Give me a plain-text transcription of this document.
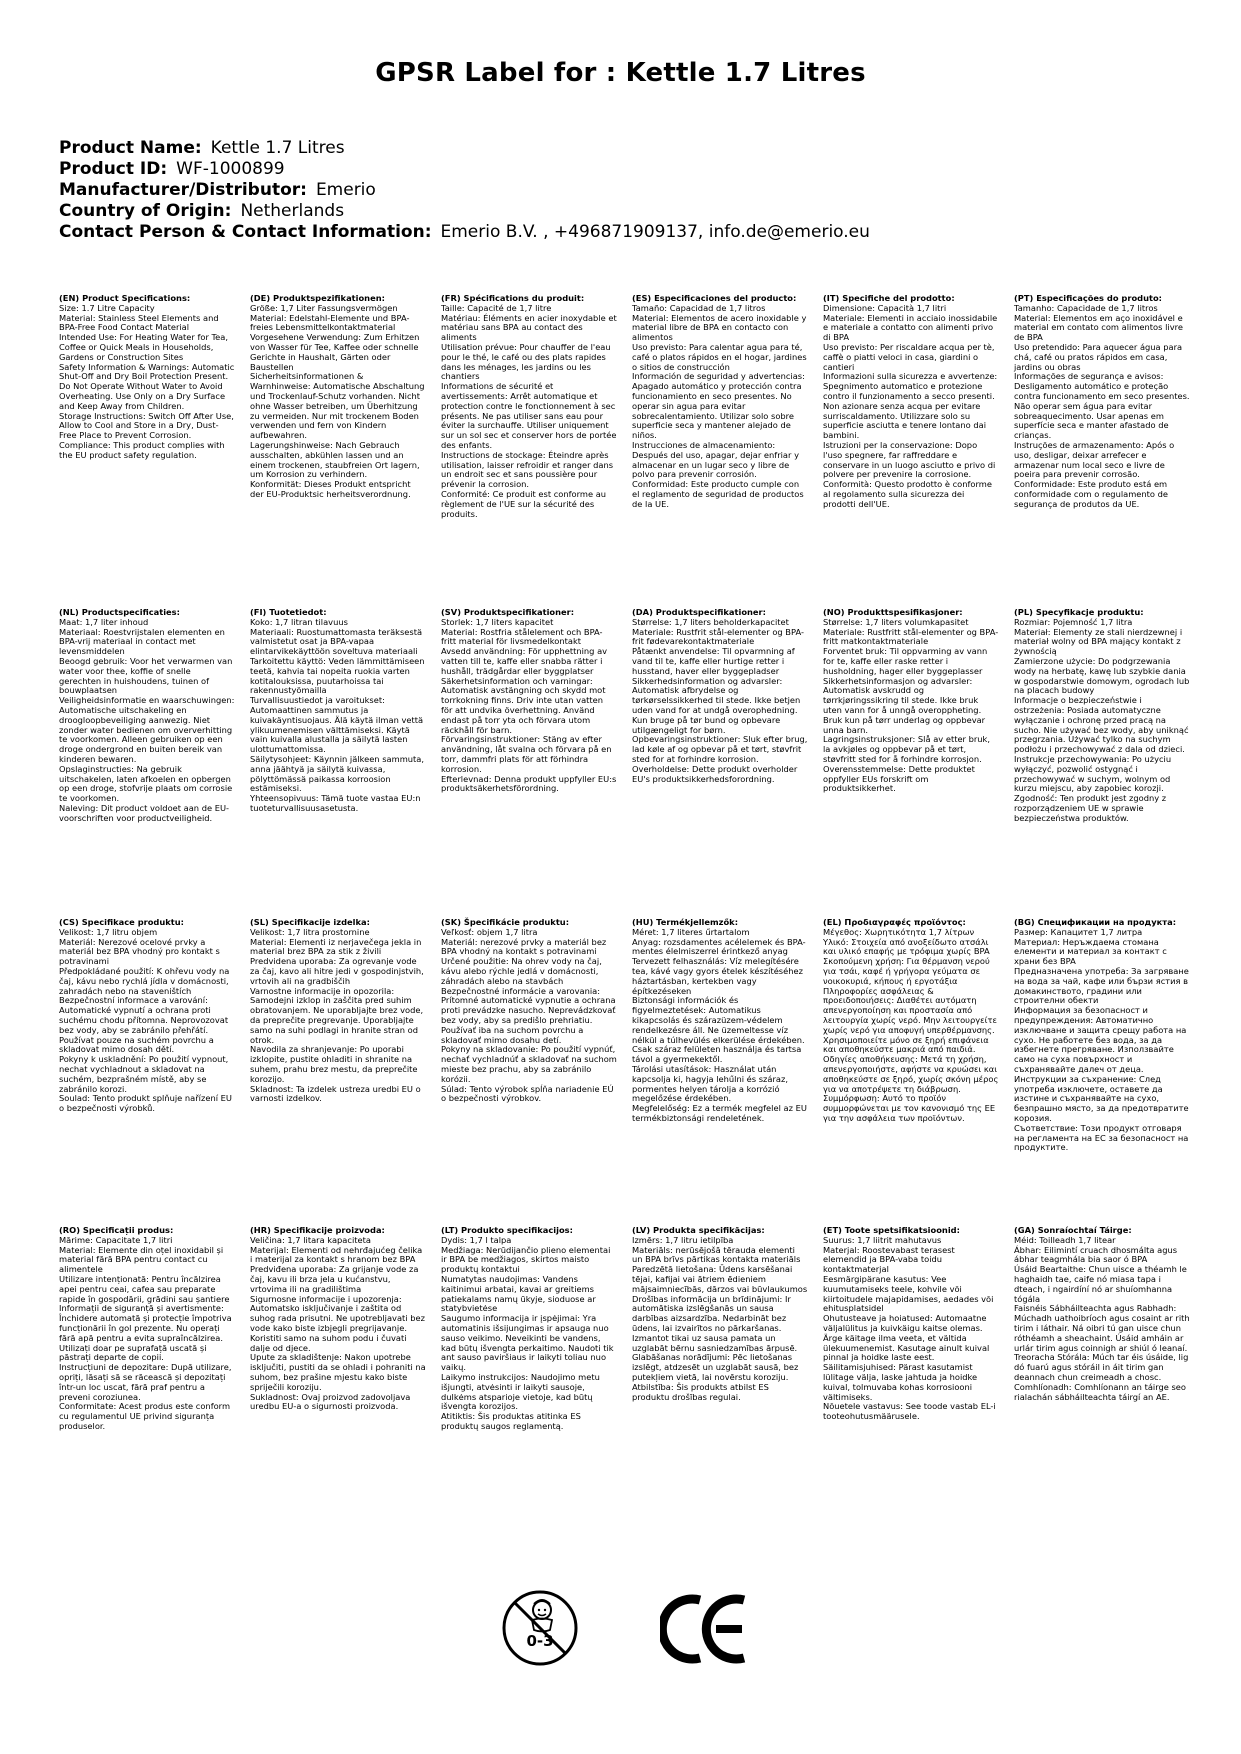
GPSR Label for : Kettle 1.7 Litres
Product Name: Kettle 1.7 Litres
Product ID: WF-1000899
Manufacturer/Distributor: Emerio
Country of Origin: Netherlands
Contact Person & Contact Information: Emerio B.V. , +496871909137, info.de@emerio.eu
(EN) Product Specifications:
Size: 1.7 Litre Capacity
Material: Stainless Steel Elements and BPA-Free Food Contact Material
Intended Use: For Heating Water for Tea, Coffee or Quick Meals in Households, Gardens or Construction Sites
Safety Information & Warnings: Automatic Shut-Off and Dry Boil Protection Present. Do Not Operate Without Water to Avoid Overheating. Use Only on a Dry Surface and Keep Away from Children.
Storage Instructions: Switch Off After Use, Allow to Cool and Store in a Dry, Dust-Free Place to Prevent Corrosion.
Compliance: This product complies with the EU product safety regulation.
(DE) Produktspezifikationen:
Größe: 1,7 Liter Fassungsvermögen
Material: Edelstahl-Elemente und BPA-freies Lebensmittelkontaktmaterial
Vorgesehene Verwendung: Zum Erhitzen von Wasser für Tee, Kaffee oder schnelle Gerichte in Haushalt, Gärten oder Baustellen
Sicherheitsinformationen & Warnhinweise: Automatische Abschaltung und Trockenlauf-Schutz vorhanden. Nicht ohne Wasser betreiben, um Überhitzung zu vermeiden. Nur mit trockenem Boden verwenden und fern von Kindern aufbewahren.
Lagerungshinweise: Nach Gebrauch ausschalten, abkühlen lassen und an einem trockenen, staubfreien Ort lagern, um Korrosion zu verhindern.
Konformität: Dieses Produkt entspricht der EU-Produktsic herheitsverordnung.
(FR) Spécifications du produit:
Taille: Capacité de 1,7 litre
Matériau: Éléments en acier inoxydable et matériau sans BPA au contact des aliments
Utilisation prévue: Pour chauffer de l'eau pour le thé, le café ou des plats rapides dans les ménages, les jardins ou les chantiers
Informations de sécurité et avertissements: Arrêt automatique et protection contre le fonctionnement à sec présents. Ne pas utiliser sans eau pour éviter la surchauffe. Utiliser uniquement sur un sol sec et conserver hors de portée des enfants.
Instructions de stockage: Éteindre après utilisation, laisser refroidir et ranger dans un endroit sec et sans poussière pour prévenir la corrosion.
Conformité: Ce produit est conforme au règlement de l'UE sur la sécurité des produits.
(ES) Especificaciones del producto:
Tamaño: Capacidad de 1,7 litros
Material: Elementos de acero inoxidable y material libre de BPA en contacto con alimentos
Uso previsto: Para calentar agua para té, café o platos rápidos en el hogar, jardines o sitios de construcción
Información de seguridad y advertencias: Apagado automático y protección contra funcionamiento en seco presentes. No operar sin agua para evitar sobrecalentamiento. Utilizar solo sobre superficie seca y mantener alejado de niños.
Instrucciones de almacenamiento: Después del uso, apagar, dejar enfriar y almacenar en un lugar seco y libre de polvo para prevenir corrosión.
Conformidad: Este producto cumple con el reglamento de seguridad de productos de la UE.
(IT) Specifiche del prodotto:
Dimensione: Capacità 1,7 litri
Materiale: Elementi in acciaio inossidabile e materiale a contatto con alimenti privo di BPA
Uso previsto: Per riscaldare acqua per tè, caffè o piatti veloci in casa, giardini o cantieri
Informazioni sulla sicurezza e avvertenze: Spegnimento automatico e protezione contro il funzionamento a secco presenti. Non azionare senza acqua per evitare surriscaldamento. Utilizzare solo su superficie asciutta e tenere lontano dai bambini.
Istruzioni per la conservazione: Dopo l'uso spegnere, far raffreddare e conservare in un luogo asciutto e privo di polvere per prevenire la corrosione.
Conformità: Questo prodotto è conforme al regolamento sulla sicurezza dei prodotti dell'UE.
(PT) Especificações do produto:
Tamanho: Capacidade de 1,7 litros
Material: Elementos em aço inoxidável e material em contato com alimentos livre de BPA
Uso pretendido: Para aquecer água para chá, café ou pratos rápidos em casa, jardins ou obras
Informações de segurança e avisos: Desligamento automático e proteção contra funcionamento em seco presentes. Não operar sem água para evitar sobreaquecimento. Usar apenas em superfície seca e manter afastado de crianças.
Instruções de armazenamento: Após o uso, desligar, deixar arrefecer e armazenar num local seco e livre de poeira para prevenir corrosão.
Conformidade: Este produto está em conformidade com o regulamento de segurança de produtos da UE.
(NL) Productspecificaties:
Maat: 1,7 liter inhoud
Materiaal: Roestvrijstalen elementen en BPA-vrij materiaal in contact met levensmiddelen
Beoogd gebruik: Voor het verwarmen van water voor thee, koffie of snelle gerechten in huishoudens, tuinen of bouwplaatsen
Veiligheidsinformatie en waarschuwingen: Automatische uitschakeling en droogloopbeveiliging aanwezig. Niet zonder water bedienen om oververhitting te voorkomen. Alleen gebruiken op een droge ondergrond en buiten bereik van kinderen bewaren.
Opslaginstructies: Na gebruik uitschakelen, laten afkoelen en opbergen op een droge, stofvrije plaats om corrosie te voorkomen.
Naleving: Dit product voldoet aan de EU-voorschriften voor productveiligheid.
(FI) Tuotetiedot:
Koko: 1,7 litran tilavuus
Materiaali: Ruostumattomasta teräksestä valmistetut osat ja BPA-vapaa elintarvikekäyttöön soveltuva materiaali
Tarkoitettu käyttö: Veden lämmittämiseen teetä, kahvia tai nopeita ruokia varten kotitalouksissa, puutarhoissa tai rakennustyömailla
Turvallisuustiedot ja varoitukset: Automaattinen sammutus ja kuivakäyntisuojaus. Älä käytä ilman vettä ylikuumenemisen välttämiseksi. Käytä vain kuivalla alustalla ja säilytä lasten ulottumattomissa.
Säilytysohjeet: Käynnin jälkeen sammuta, anna jäähtyä ja säilytä kuivassa, pölyttömässä paikassa korroosion estämiseksi.
Yhteensopivuus: Tämä tuote vastaa EU:n tuoteturvallisuusasetusta.
(SV) Produktspecifikationer:
Storlek: 1,7 liters kapacitet
Material: Rostfria stålelement och BPA-fritt material för livsmedelkontakt
Avsedd användning: För upphettning av vatten till te, kaffe eller snabba rätter i hushåll, trädgårdar eller byggplatser
Säkerhetsinformation och varningar: Automatisk avstängning och skydd mot torrkokning finns. Driv inte utan vatten för att undvika överhettning. Använd endast på torr yta och förvara utom räckhåll för barn.
Förvaringsinstruktioner: Stäng av efter användning, låt svalna och förvara på en torr, dammfri plats för att förhindra korrosion.
Efterlevnad: Denna produkt uppfyller EU:s produktsäkerhetsförordning.
(DA) Produktspecifikationer:
Størrelse: 1,7 liters beholderkapacitet
Materiale: Rustfrit stål-elementer og BPA-frit fødevarekontaktmateriale
Påtænkt anvendelse: Til opvarmning af vand til te, kaffe eller hurtige retter i husstand, haver eller byggepladser
Sikkerhedsinformation og advarsler: Automatisk afbrydelse og tørkørselssikkerhed til stede. Ikke betjen uden vand for at undgå overophedning. Kun bruge på tør bund og opbevare utilgængeligt for børn.
Opbevaringsinstruktioner: Sluk efter brug, lad køle af og opbevar på et tørt, støvfrit sted for at forhindre korrosion.
Overholdelse: Dette produkt overholder EU's produktsikkerhedsforordning.
(NO) Produkttspesifikasjoner:
Størrelse: 1,7 liters volumkapasitet
Materiale: Rustfritt stål-elementer og BPA-fritt matkontaktmateriale
Forventet bruk: Til oppvarming av vann for te, kaffe eller raske retter i husholdning, hager eller byggeplasser
Sikkerhetsinformasjon og advarsler: Automatisk avskrudd og tørrkjøringssikring til stede. Ikke bruk uten vann for å unngå overoppheting. Bruk kun på tørr underlag og oppbevar unna barn.
Lagringsinstruksjoner: Slå av etter bruk, la avkjøles og oppbevar på et tørt, støvfritt sted for å forhindre korrosjon.
Overensstemmelse: Dette produktet oppfyller EUs forskrift om produktsikkerhet.
(PL) Specyfikacje produktu:
Rozmiar: Pojemność 1,7 litra
Materiał: Elementy ze stali nierdzewnej i materiał wolny od BPA mający kontakt z żywnością
Zamierzone użycie: Do podgrzewania wody na herbatę, kawę lub szybkie dania w gospodarstwie domowym, ogrodach lub na placach budowy
Informacje o bezpieczeństwie i ostrzeżenia: Posiada automatyczne wyłączanie i ochronę przed pracą na sucho. Nie używać bez wody, aby uniknąć przegrzania. Używać tylko na suchym podłożu i przechowywać z dala od dzieci.
Instrukcje przechowywania: Po użyciu wyłączyć, pozwolić ostygnąć i przechowywać w suchym, wolnym od kurzu miejscu, aby zapobiec korozji.
Zgodność: Ten produkt jest zgodny z rozporządzeniem UE w sprawie bezpieczeństwa produktów.
(CS) Specifikace produktu:
Velikost: 1,7 litru objem
Materiál: Nerezové ocelové prvky a materiál bez BPA vhodný pro kontakt s potravinami
Předpokládané použití: K ohřevu vody na čaj, kávu nebo rychlá jídla v domácnosti, zahradách nebo na staveništích
Bezpečnostní informace a varování: Automatické vypnutí a ochrana proti suchému chodu přítomna. Neprovozovat bez vody, aby se zabránilo přehřátí. Používat pouze na suchém povrchu a skladovat mimo dosah dětí.
Pokyny k uskladnění: Po použití vypnout, nechat vychladnout a skladovat na suchém, bezprašném místě, aby se zabránilo korozi.
Soulad: Tento produkt splňuje nařízení EU o bezpečnosti výrobků.
(SL) Specifikacije izdelka:
Velikost: 1,7 litra prostornine
Material: Elementi iz nerjavečega jekla in material brez BPA za stik z živili
Predvidena uporaba: Za ogrevanje vode za čaj, kavo ali hitre jedi v gospodinjstvih, vrtovih ali na gradbiščih
Varnostne informacije in opozorila: Samodejni izklop in zaščita pred suhim obratovanjem. Ne uporabljajte brez vode, da preprečite pregrevanje. Uporabljajte samo na suhi podlagi in hranite stran od otrok.
Navodila za shranjevanje: Po uporabi izklopite, pustite ohladiti in shranite na suhem, prahu brez mestu, da preprečite korozijo.
Skladnost: Ta izdelek ustreza uredbi EU o varnosti izdelkov.
(SK) Špecifikácie produktu:
Veľkosť: objem 1,7 litra
Materiál: nerezové prvky a materiál bez BPA vhodný na kontakt s potravinami
Určené použitie: Na ohrev vody na čaj, kávu alebo rýchle jedlá v domácnosti, záhradách alebo na stavbách
Bezpečnostné informácie a varovania: Prítomné automatické vypnutie a ochrana proti prevádzke nasucho. Neprevádzkovať bez vody, aby sa predišlo prehriatiu. Používať iba na suchom povrchu a skladovať mimo dosahu detí.
Pokyny na skladovanie: Po použití vypnúť, nechať vychladnúť a skladovať na suchom mieste bez prachu, aby sa zabránilo korózii.
Súlad: Tento výrobok spĺňa nariadenie EÚ o bezpečnosti výrobkov.
(HU) Termékjellemzők:
Méret: 1,7 literes űrtartalom
Anyag: rozsdamentes acélelemek és BPA-mentes élelmiszerrel érintkező anyag
Tervezett felhasználás: Víz melegítésére tea, kávé vagy gyors ételek készítéséhez háztartásban, kertekben vagy építkezéseken
Biztonsági információk és figyelmeztetések: Automatikus kikapcsolás és szárazüzem-védelem rendelkezésre áll. Ne üzemeltesse víz nélkül a túlhevülés elkerülése érdekében. Csak száraz felületen használja és tartsa távol a gyermekektől.
Tárolási utasítások: Használat után kapcsolja ki, hagyja lehűlni és száraz, pormentes helyen tárolja a korrózió megelőzése érdekében.
Megfelelőség: Ez a termék megfelel az EU termékbiztonsági rendeletének.
(EL) Προδιαγραφές προϊόντος:
Μέγεθος: Χωρητικότητα 1,7 λίτρων
Υλικό: Στοιχεία από ανοξείδωτο ατσάλι και υλικό επαφής με τρόφιμα χωρίς BPA
Σκοπούμενη χρήση: Για θέρμανση νερού για τσάι, καφέ ή γρήγορα γεύματα σε νοικοκυριά, κήπους ή εργοτάξια
Πληροφορίες ασφάλειας & προειδοποιήσεις: Διαθέτει αυτόματη απενεργοποίηση και προστασία από λειτουργία χωρίς νερό. Μην λειτουργείτε χωρίς νερό για αποφυγή υπερθέρμανσης. Χρησιμοποιείτε μόνο σε ξηρή επιφάνεια και αποθηκεύστε μακριά από παιδιά.
Οδηγίες αποθήκευσης: Μετά τη χρήση, απενεργοποιήστε, αφήστε να κρυώσει και αποθηκεύστε σε ξηρό, χωρίς σκόνη μέρος για να αποτρέψετε τη διάβρωση.
Συμμόρφωση: Αυτό το προϊόν συμμορφώνεται με τον κανονισμό της ΕΕ για την ασφάλεια των προϊόντων.
(BG) Спецификации на продукта:
Размер: Капацитет 1,7 литра
Материал: Неръждаема стомана елементи и материал за контакт с храни без BPA
Предназначена употреба: За загряване на вода за чай, кафе или бързи ястия в домакинството, градини или строителни обекти
Информация за безопасност и предупреждения: Автоматично изключване и защита срещу работа на сухо. Не работете без вода, за да избегнете прегряване. Използвайте само на суха повърхност и съхранявайте далеч от деца.
Инструкции за съхранение: След употреба изключете, оставете да изстине и съхранявайте на сухо, безпрашно място, за да предотвратите корозия.
Съответствие: Този продукт отговаря на регламента на ЕС за безопасност на продуктите.
(RO) Specificații produs:
Mărime: Capacitate 1,7 litri
Material: Elemente din oțel inoxidabil și material fără BPA pentru contact cu alimentele
Utilizare intenționată: Pentru încălzirea apei pentru ceai, cafea sau preparate rapide în gospodării, grădini sau șantiere
Informații de siguranță și avertismente: Închidere automată și protecție împotriva funcționării în gol prezente. Nu operați fără apă pentru a evita supraîncălzirea. Utilizați doar pe suprafață uscată și păstrați departe de copii.
Instrucțiuni de depozitare: După utilizare, opriți, lăsați să se răcească și depozitați într-un loc uscat, fără praf pentru a preveni coroziunea.
Conformitate: Acest produs este conform cu regulamentul UE privind siguranța produselor.
(HR) Specifikacije proizvoda:
Veličina: 1,7 litara kapaciteta
Materijal: Elementi od nehrđajućeg čelika i materijal za kontakt s hranom bez BPA
Predviđena uporaba: Za grijanje vode za čaj, kavu ili brza jela u kućanstvu, vrtovima ili na gradilištima
Sigurnosne informacije i upozorenja: Automatsko isključivanje i zaštita od suhog rada prisutni. Ne upotrebljavati bez vode kako biste izbjegli pregrijavanje. Koristiti samo na suhom podu i čuvati dalje od djece.
Upute za skladištenje: Nakon upotrebe isključiti, pustiti da se ohladi i pohraniti na suhom, bez prašine mjestu kako biste spriječili koroziju.
Sukladnost: Ovaj proizvod zadovoljava uredbu EU-a o sigurnosti proizvoda.
(LT) Produkto specifikacijos:
Dydis: 1,7 l talpa
Medžiaga: Nerūdijančio plieno elementai ir BPA be medžiagos, skirtos maisto produktų kontaktui
Numatytas naudojimas: Vandens kaitinimui arbatai, kavai ar greitiems patiekalams namų ūkyje, sioduose ar statybvietėse
Saugumo informacija ir įspėjimai: Yra automatinis išsijungimas ir apsauga nuo sauso veikimo. Neveikinti be vandens, kad būtų išvengta perkaitimo. Naudoti tik ant sauso paviršiaus ir laikyti toliau nuo vaikų.
Laikymo instrukcijos: Naudojimo metu išjungti, atvėsinti ir laikyti sausoje, dulkėms atsparioje vietoje, kad būtų išvengta korozijos.
Atitiktis: Šis produktas atitinka ES produktų saugos reglamentą.
(LV) Produkta specifikācijas:
Izmērs: 1,7 litru ietilpība
Materiāls: nerūsējošā tērauda elementi un BPA brīvs pārtikas kontakta materiāls
Paredzētā lietošana: Ūdens karsēšanai tējai, kafijai vai ātriem ēdieniem mājsaimniecībās, dārzos vai būvlaukumos
Drošības informācija un brīdinājumi: Ir automātiska izslēgšanās un sausa darbības aizsardzība. Nedarbināt bez ūdens, lai izvairītos no pārkaršanas. Izmantot tikai uz sausa pamata un uzglabāt bērnu sasniedzamības ārpusē.
Glabāšanas norādījumi: Pēc lietošanas izslēgt, atdzesēt un uzglabāt sausā, bez putekļiem vietā, lai novērstu koroziju.
Atbilstība: Šis produkts atbilst ES produktu drošības regulai.
(ET) Toote spetsifikatsioonid:
Suurus: 1,7 liitrit mahutavus
Materjal: Roostevabast terasest elemendid ja BPA-vaba toidu kontaktmaterjal
Eesmärgipärane kasutus: Vee kuumutamiseks teele, kohvile või kiirtoitudele majapidamises, aedades või ehitusplatsidel
Ohutusteave ja hoiatused: Automaatne väljalülitus ja kuivkäigu kaitse olemas. Ärge käitage ilma veeta, et vältida ülekuumenemist. Kasutage ainult kuival pinnal ja hoidke laste eest.
Säilitamisjuhised: Pärast kasutamist lülitage välja, laske jahtuda ja hoidke kuival, tolmuvaba kohas korrosiooni vältimiseks.
Nõuetele vastavus: See toode vastab EL-i tooteohutusmäärusele.
(GA) Sonraíochtaí Táirge:
Méid: Toilleadh 1,7 litear
Ábhar: Eilimintí cruach dhosmálta agus ábhar teagmhála bia saor ó BPA
Úsáid Beartaithe: Chun uisce a théamh le haghaidh tae, caife nó miasa tapa i dteach, i ngairdíní nó ar shuíomhanna tógála
Faisnéis Sábháilteachta agus Rabhadh: Múchadh uathoibríoch agus cosaint ar rith tirim i láthair. Ná oibri tú gan uisce chun róthéamh a sheachaint. Úsáid amháin ar urlár tirim agus coinnigh ar shiúl ó leanaí.
Treoracha Stórála: Múch tar éis úsáide, lig dó fuarú agus stóráil in áit tirim gan deannach chun creimeadh a chosc.
Comhlíonadh: Comhlíonann an táirge seo rialachán sábháilteachta táirgí an AE.
0-3
